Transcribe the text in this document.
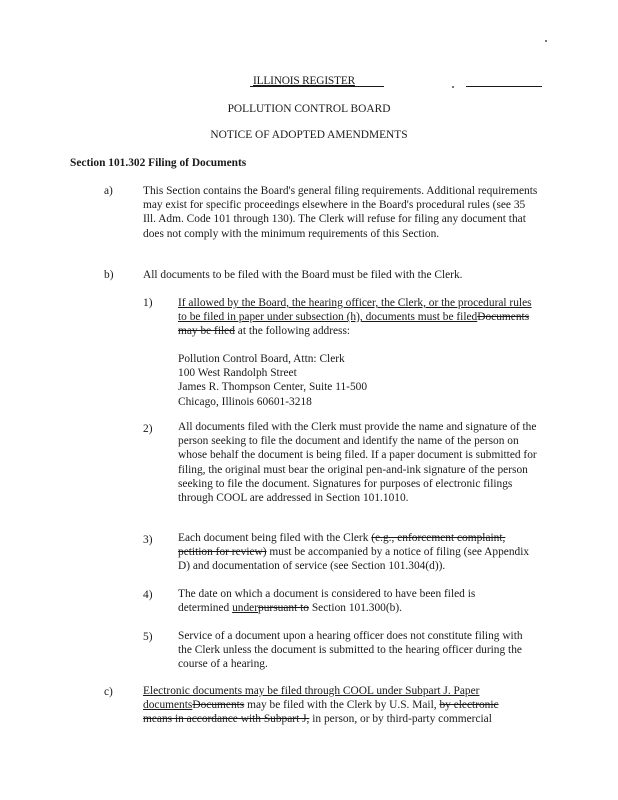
ILLINOIS REGISTER
POLLUTION CONTROL BOARD
NOTICE OF ADOPTED AMENDMENTS
Section 101.302 Filing of Documents
a)	This Section contains the Board's general filing requirements. Additional requirements may exist for specific proceedings elsewhere in the Board's procedural rules (see 35 Ill. Adm. Code 101 through 130). The Clerk will refuse for filing any document that does not comply with the minimum requirements of this Section.

b)	All documents to be filed with the Board must be filed with the Clerk.

1) If allowed by the Board, the hearing officer, the Clerk, or the procedural rules to be filed in paper under subsection (h), documents must be filedDocuments may be filed at the following address:

Pollution Control Board, Attn: Clerk
100 West Randolph Street
James R. Thompson Center, Suite 11-500
Chicago, Illinois 60601-3218
2) All documents filed with the Clerk must provide the name and signature of the person seeking to file the document and identify the name of the person on whose behalf the document is being filed. If a paper document is submitted for filing, the original must bear the original pen-and-ink signature of the person seeking to file the document. Signatures for purposes of electronic filings through COOL are addressed in Section 101.1010.

3) Each document being filed with the Clerk (e.g., enforcement complaint, petition for review) must be accompanied by a notice of filing (see Appendix D) and documentation of service (see Section 101.304(d)).

4) The date on which a document is considered to have been filed is determined underpursuant to Section 101.300(b).

5) Service of a document upon a hearing officer does not constitute filing with the Clerk unless the document is submitted to the hearing officer during the course of a hearing.

c)	Electronic documents may be filed through COOL under Subpart J. Paper documentsDocuments may be filed with the Clerk by U.S. Mail, by electronic means in accordance with Subpart J, in person, or by third-party commercial
